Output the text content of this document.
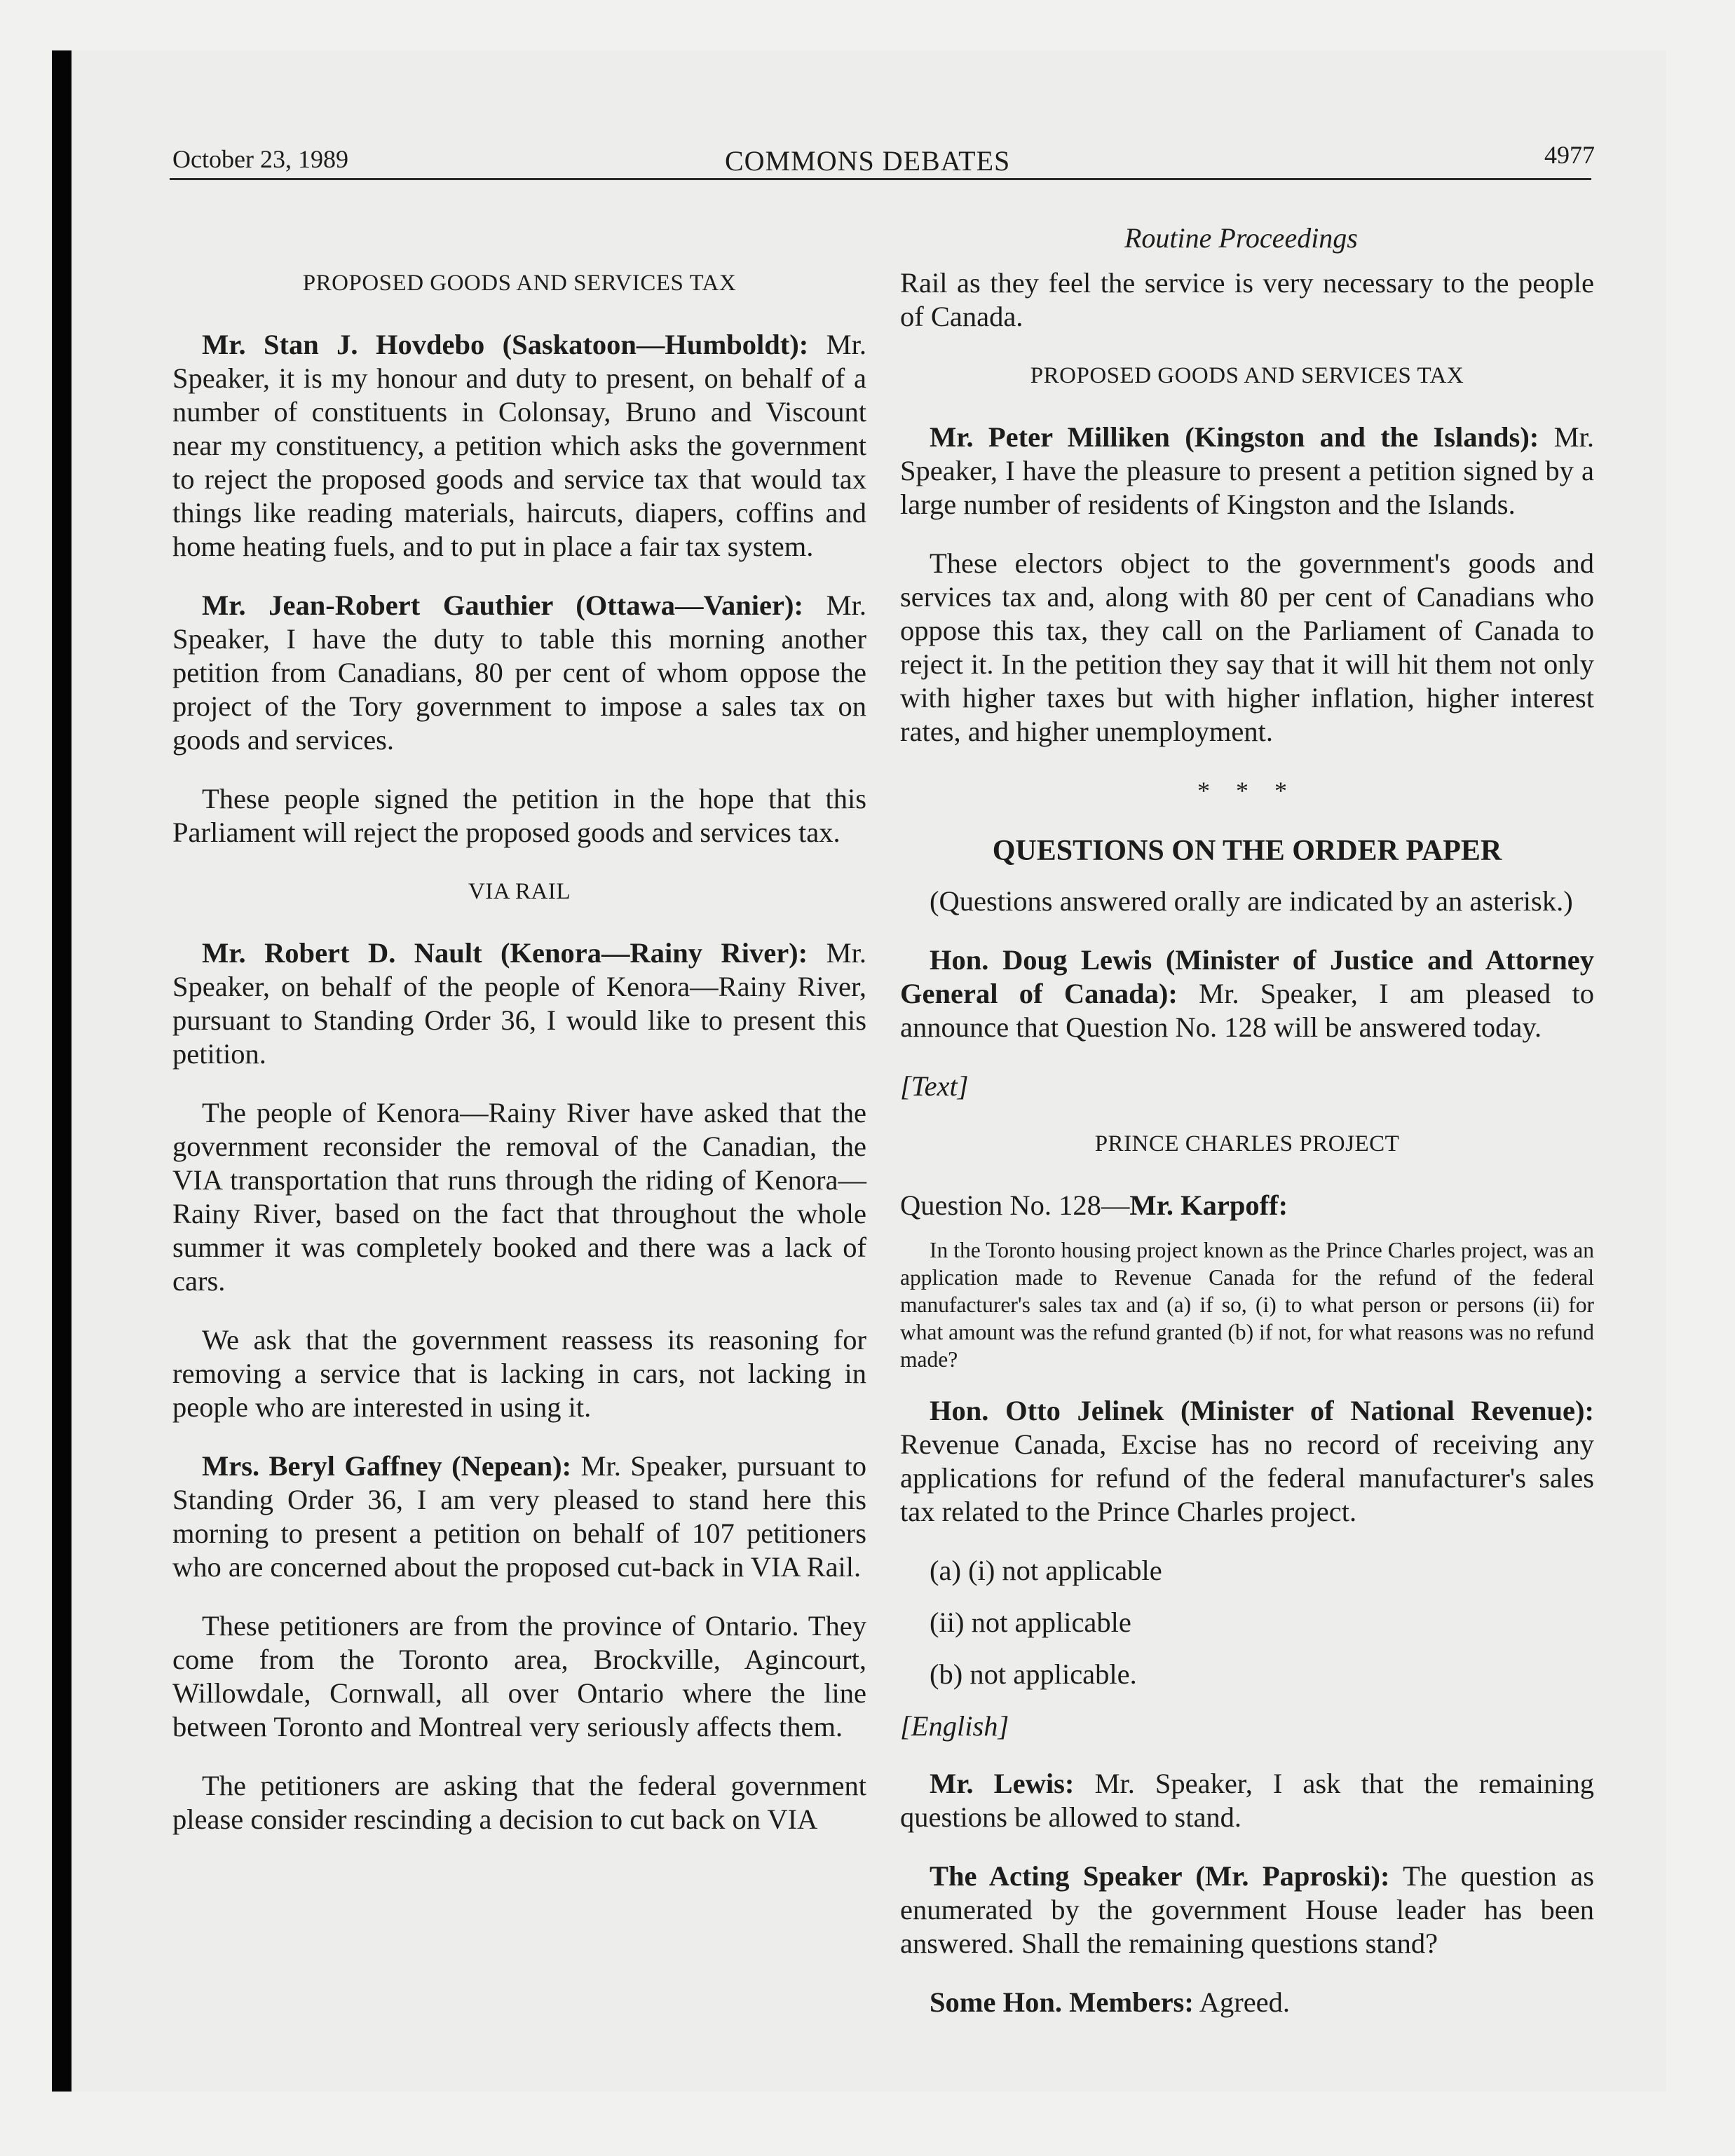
October 23, 1989	COMMONS DEBATES	4977
Routine Proceedings
PROPOSED GOODS AND SERVICES TAX

Mr. Stan J. Hovdebo (Saskatoon—Humboldt): Mr. Speaker, it is my honour and duty to present, on behalf of a number of constituents in Colonsay, Bruno and Viscount near my constituency, a petition which asks the government to reject the proposed goods and service tax that would tax things like reading materials, haircuts, diapers, coffins and home heating fuels, and to put in place a fair tax system.

Mr. Jean-Robert Gauthier (Ottawa—Vanier): Mr. Speaker, I have the duty to table this morning another petition from Canadians, 80 per cent of whom oppose the project of the Tory government to impose a sales tax on goods and services.

These people signed the petition in the hope that this Parliament will reject the proposed goods and services tax.

VIA RAIL

Mr. Robert D. Nault (Kenora—Rainy River): Mr. Speaker, on behalf of the people of Kenora—Rainy River, pursuant to Standing Order 36, I would like to present this petition.

The people of Kenora—Rainy River have asked that the government reconsider the removal of the Canadian, the VIA transportation that runs through the riding of Kenora—Rainy River, based on the fact that throughout the whole summer it was completely booked and there was a lack of cars.

We ask that the government reassess its reasoning for removing a service that is lacking in cars, not lacking in people who are interested in using it.

Mrs. Beryl Gaffney (Nepean): Mr. Speaker, pursuant to Standing Order 36, I am very pleased to stand here this morning to present a petition on behalf of 107 petitioners who are concerned about the proposed cut-back in VIA Rail.

These petitioners are from the province of Ontario. They come from the Toronto area, Brockville, Agincourt, Willowdale, Cornwall, all over Ontario where the line between Toronto and Montreal very seriously affects them.

The petitioners are asking that the federal government please consider rescinding a decision to cut back on VIA

Rail as they feel the service is very necessary to the people of Canada.

PROPOSED GOODS AND SERVICES TAX

Mr. Peter Milliken (Kingston and the Islands): Mr. Speaker, I have the pleasure to present a petition signed by a large number of residents of Kingston and the Islands.

These electors object to the government's goods and services tax and, along with 80 per cent of Canadians who oppose this tax, they call on the Parliament of Canada to reject it. In the petition they say that it will hit them not only with higher taxes but with higher inflation, higher interest rates, and higher unemployment.

* * *
QUESTIONS ON THE ORDER PAPER

(Questions answered orally are indicated by an asterisk.)

Hon. Doug Lewis (Minister of Justice and Attorney General of Canada): Mr. Speaker, I am pleased to announce that Question No. 128 will be answered today.

[Text]
PRINCE CHARLES PROJECT
Question No. 128—Mr. Karpoff:
In the Toronto housing project known as the Prince Charles project, was an application made to Revenue Canada for the refund of the federal manufacturer's sales tax and (a) if so, (i) to what person or persons (ii) for what amount was the refund granted (b) if not, for what reasons was no refund made?

Hon. Otto Jelinek (Minister of National Revenue): Revenue Canada, Excise has no record of receiving any applications for refund of the federal manufacturer's sales tax related to the Prince Charles project.

(a) (i) not applicable
(ii) not applicable
(b) not applicable.
[English]

Mr. Lewis: Mr. Speaker, I ask that the remaining questions be allowed to stand.

The Acting Speaker (Mr. Paproski): The question as enumerated by the government House leader has been answered. Shall the remaining questions stand?

Some Hon. Members: Agreed.
